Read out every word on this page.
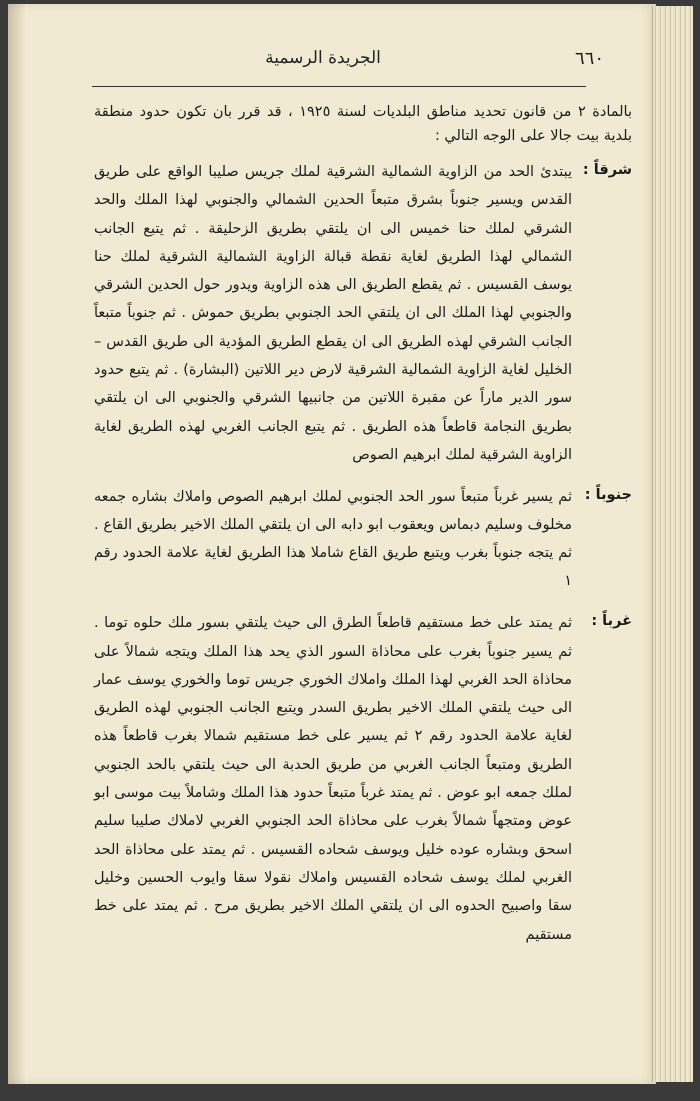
٦٦٠
الجريدة الرسمية

بالمادة ٢ من قانون تحديد مناطق البلديات لسنة ١٩٢٥ ، قد قرر بان تكون حدود منطقة بلدية بيت جالا على الوجه التالي :

شرقاً :
يبتدئ الحد من الزاوية الشمالية الشرقية لملك جريس صليبا الواقع على طريق القدس ويسير جنوباً بشرق متبعاً الحدين الشمالي والجنوبي لهذا الملك والحد الشرقي لملك حنا خميس الى ان يلتقي بطريق الزحليقة . ثم يتبع الجانب الشمالي لهذا الطريق لغاية نقطة قبالة الزاوية الشمالية الشرقية لملك حنا يوسف القسيس . ثم يقطع الطريق الى هذه الزاوية ويدور حول الحدين الشرقي والجنوبي لهذا الملك الى ان يلتقي الحد الجنوبي بطريق حموش . ثم جنوباً متبعاً الجانب الشرقي لهذه الطريق الى ان يقطع الطريق المؤدية الى طريق القدس – الخليل لغاية الزاوية الشمالية الشرقية لارض دير اللاتين (البشارة) . ثم يتبع حدود سور الدير ماراً عن مقبرة اللاتين من جانبيها الشرقي والجنوبي الى ان يلتقي بطريق النجامة قاطعاً هذه الطريق . ثم يتبع الجانب الغربي لهذه الطريق لغاية الزاوية الشرقية لملك ابرهيم الصوص
جنوباً :
ثم يسير غرباً متبعاً سور الحد الجنوبي لملك ابرهيم الصوص واملاك بشاره جمعه مخلوف وسليم دبماس ويعقوب ابو دابه الى ان يلتقي الملك الاخير بطريق القاع . ثم يتجه جنوباً بغرب ويتبع طريق القاع شاملا هذا الطريق لغاية علامة الحدود رقم ١
غرباً :
ثم يمتد على خط مستقيم قاطعاً الطرق الى حيث يلتقي بسور ملك حلوه توما . ثم يسير جنوباً بغرب على محاذاة السور الذي يحد هذا الملك ويتجه شمالاً على محاذاة الحد الغربي لهذا الملك واملاك الخوري جريس توما والخوري يوسف عمار الى حيث يلتقي الملك الاخير بطريق السدر ويتبع الجانب الجنوبي لهذه الطريق لغاية علامة الحدود رقم ٢ ثم يسير على خط مستقيم شمالا بغرب قاطعاً هذه الطريق ومتبعاً الجانب الغربي من طريق الحدبة الى حيث يلتقي بالحد الجنوبي لملك جمعه ابو عوض . ثم يمتد غرباً متبعاً حدود هذا الملك وشاملاً بيت موسى ابو عوض ومتجهاً شمالاً بغرب على محاذاة الحد الجنوبي الغربي لاملاك صليبا سليم اسحق وبشاره عوده خليل ويوسف شحاده القسيس . ثم يمتد على محاذاة الحد الغربي لملك يوسف شحاده القسيس واملاك نقولا سقا وايوب الحسين وخليل سقا واصبيح الحدوه الى ان يلتقي الملك الاخير بطريق مرح . ثم يمتد على خط مستقيم
